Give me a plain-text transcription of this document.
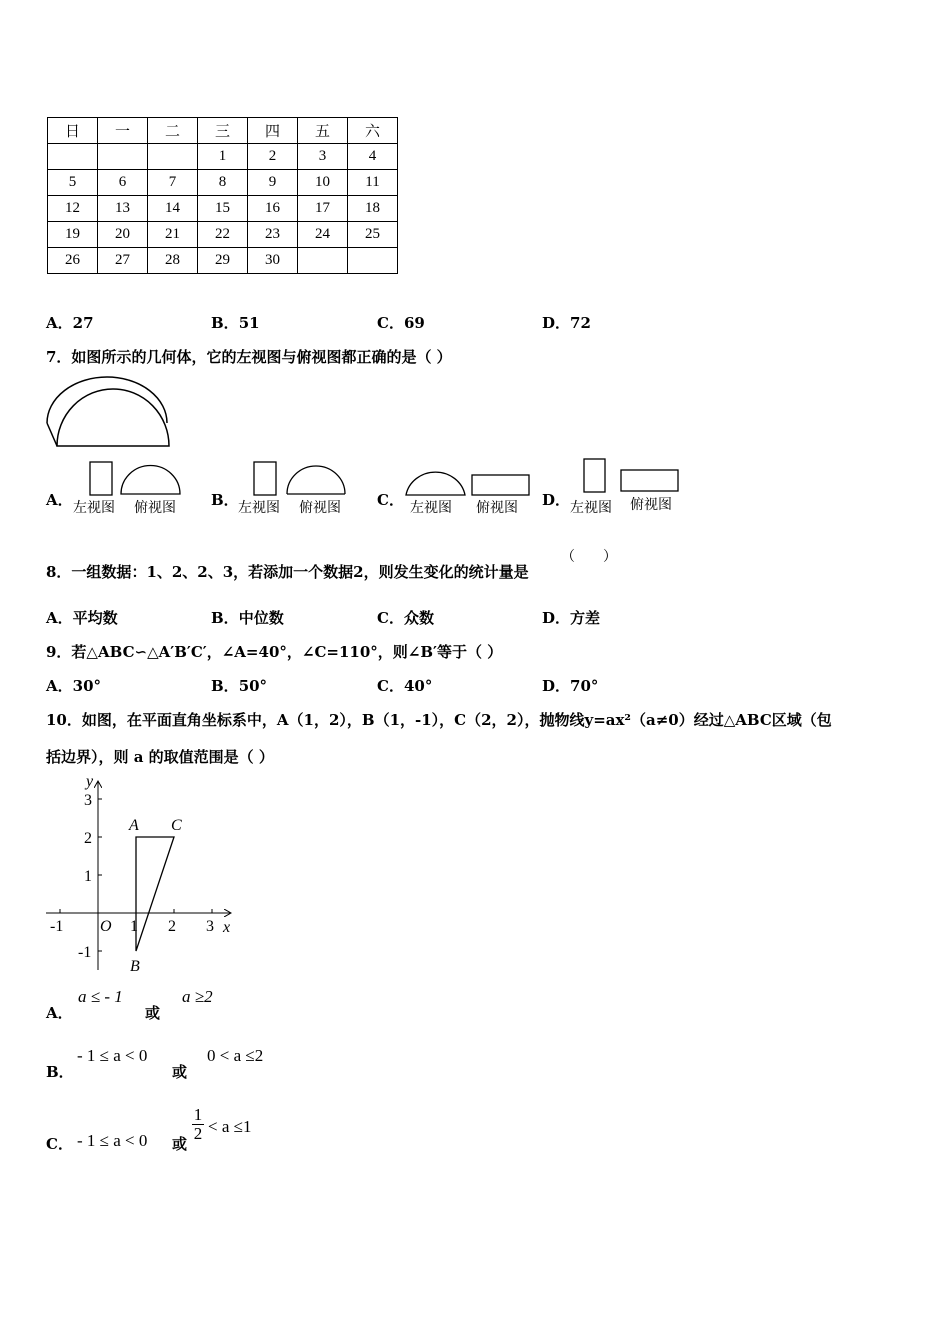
日	一	二	三	四	五	六
			1	2	3	4
5	6	7	8	9	10	11
12	13	14	15	16	17	18
19	20	21	22	23	24	25
26	27	28	29	30		
A．27	B．51	C．69	D．72
7．如图所示的几何体，它的左视图与俯视图都正确的是（ ）
A． 左视图 俯视图 B． 左视图 俯视图 C． 左视图 俯视图 D． 左视图 俯视图
8．一组数据：1、2、2、3，若添加一个数据2，则发生变化的统计量是
（        ）
A．平均数	B．中位数	C．众数	D．方差
9．若△ABC∽△A′B′C′，∠A=40°，∠C=110°，则∠B′等于（ ）
A．30°	B．50°	C．40°	D．70°
10．如图，在平面直角坐标系中，A（1，2），B（1，-1），C（2，2），抛物线y=ax²（a≠0）经过△ABC区域（包
括边界），则 a 的取值范围是（ ）
-1 O 1 2 3
3
2
1
-1
x
y
A
B
C
A．
a ≤ - 1
或
a ≥2
B．
- 1 ≤ a < 0
或
0 < a ≤2
C． - 1 ≤ a < 0 或
$\frac{1}{2} < a \le 1$
